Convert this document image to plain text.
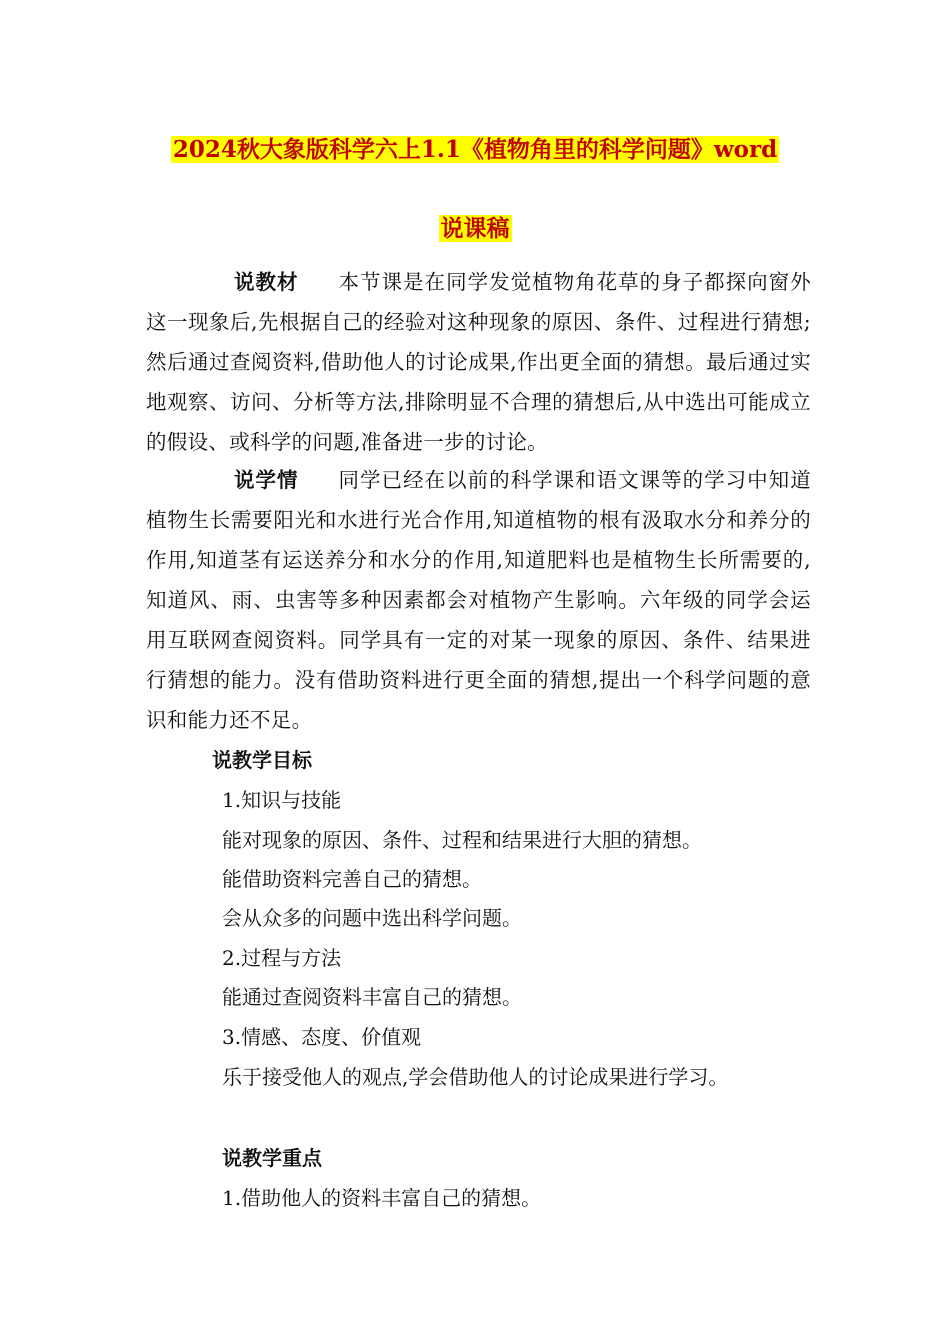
2024秋大象版科学六上1.1《植物角里的科学问题》word
说课稿
说教材 本节课是在同学发觉植物角花草的身子都探向窗外这一现象后,先根据自己的经验对这种现象的原因、条件、过程进行猜想;然后通过查阅资料,借助他人的讨论成果,作出更全面的猜想。最后通过实地观察、访问、分析等方法,排除明显不合理的猜想后,从中选出可能成立的假设、或科学的问题,准备进一步的讨论。
说学情 同学已经在以前的科学课和语文课等的学习中知道植物生长需要阳光和水进行光合作用,知道植物的根有汲取水分和养分的作用,知道茎有运送养分和水分的作用,知道肥料也是植物生长所需要的,知道风、雨、虫害等多种因素都会对植物产生影响。六年级的同学会运用互联网查阅资料。同学具有一定的对某一现象的原因、条件、结果进行猜想的能力。没有借助资料进行更全面的猜想,提出一个科学问题的意识和能力还不足。
说教学目标
1.知识与技能
能对现象的原因、条件、过程和结果进行大胆的猜想。
能借助资料完善自己的猜想。
会从众多的问题中选出科学问题。
2.过程与方法
能通过查阅资料丰富自己的猜想。
3.情感、态度、价值观
乐于接受他人的观点,学会借助他人的讨论成果进行学习。
说教学重点
1.借助他人的资料丰富自己的猜想。
